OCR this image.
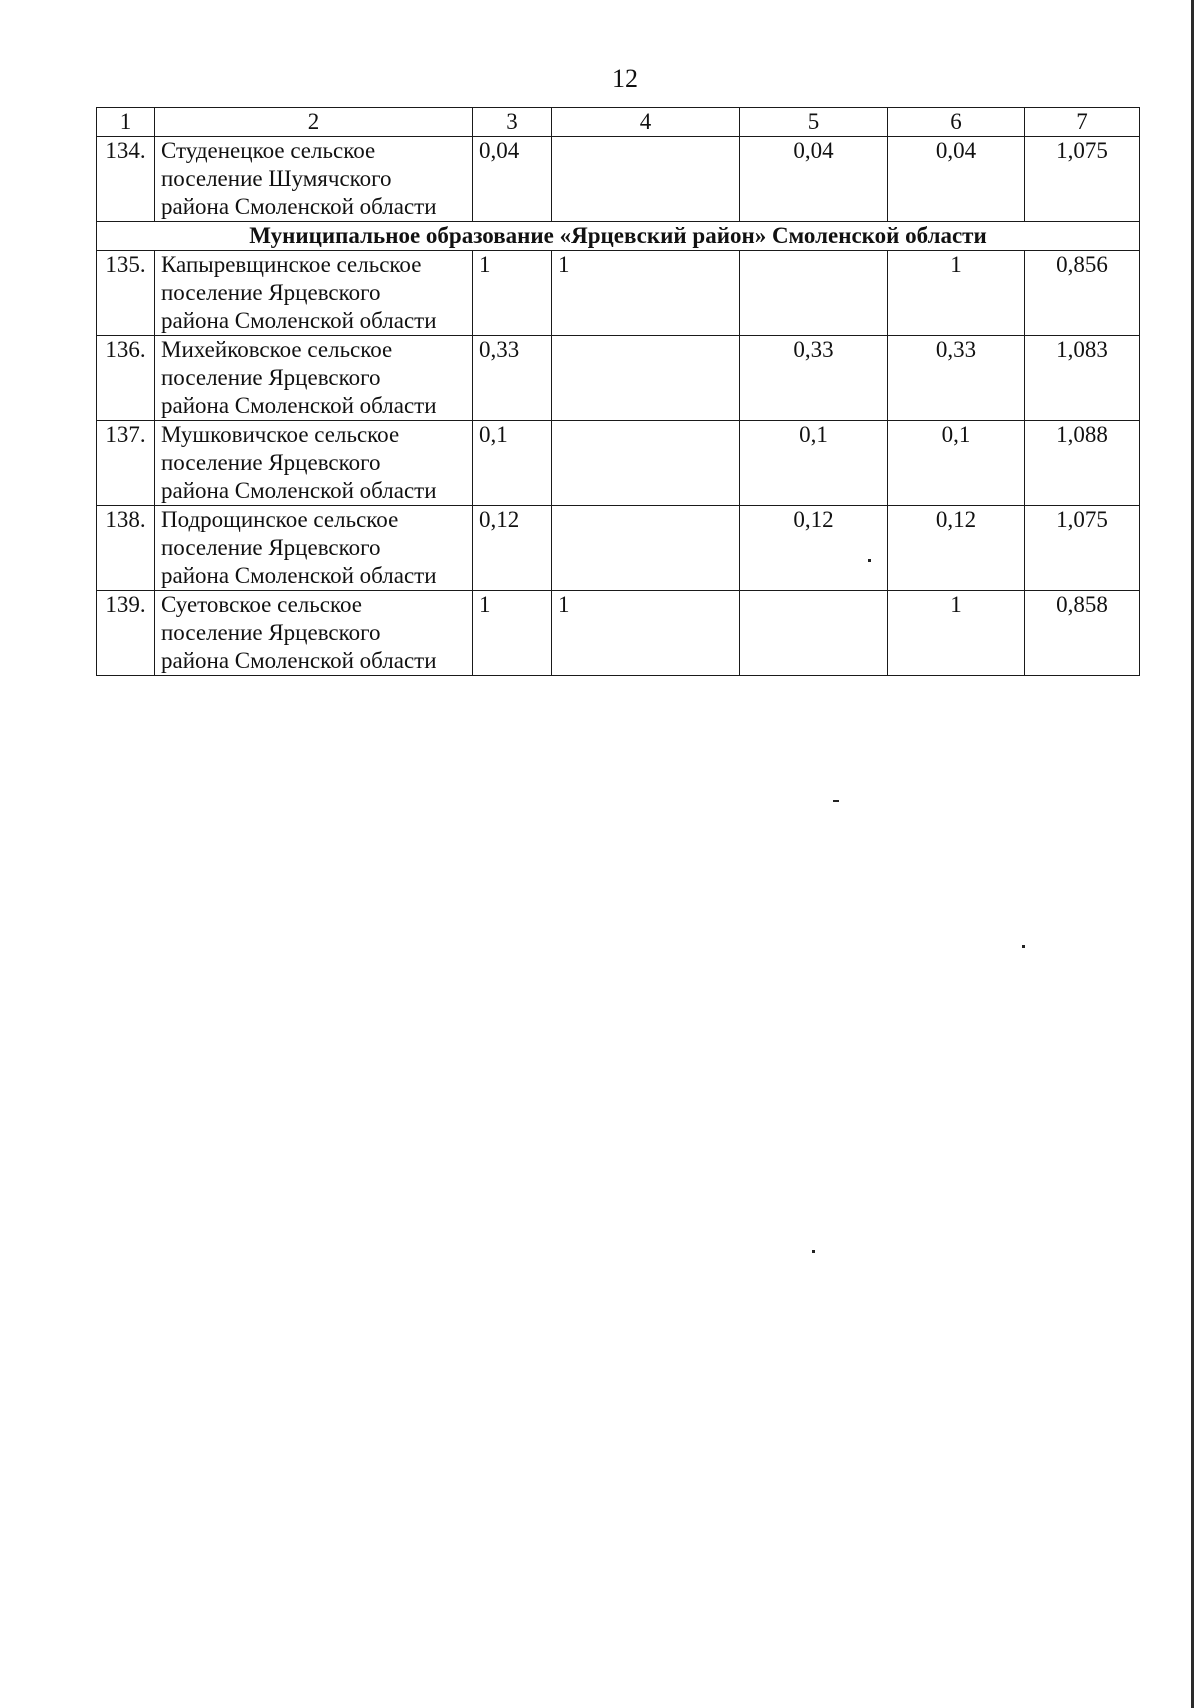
12
1	2	3	4	5	6	7
134.	Студенецкое сельское
поселение Шумячского
района Смоленской области	0,04		0,04	0,04	1,075
Муниципальное образование «Ярцевский район» Смоленской области						
135.	Капыревщинское сельское
поселение Ярцевского
района Смоленской области	1	1		1	0,856
136.	Михейковское сельское
поселение Ярцевского
района Смоленской области	0,33		0,33	0,33	1,083
137.	Мушковичское сельское
поселение Ярцевского
района Смоленской области	0,1		0,1	0,1	1,088
138.	Подрощинское сельское
поселение Ярцевского
района Смоленской области	0,12		0,12	0,12	1,075
139.	Суетовское сельское
поселение Ярцевского
района Смоленской области	1	1		1	0,858
